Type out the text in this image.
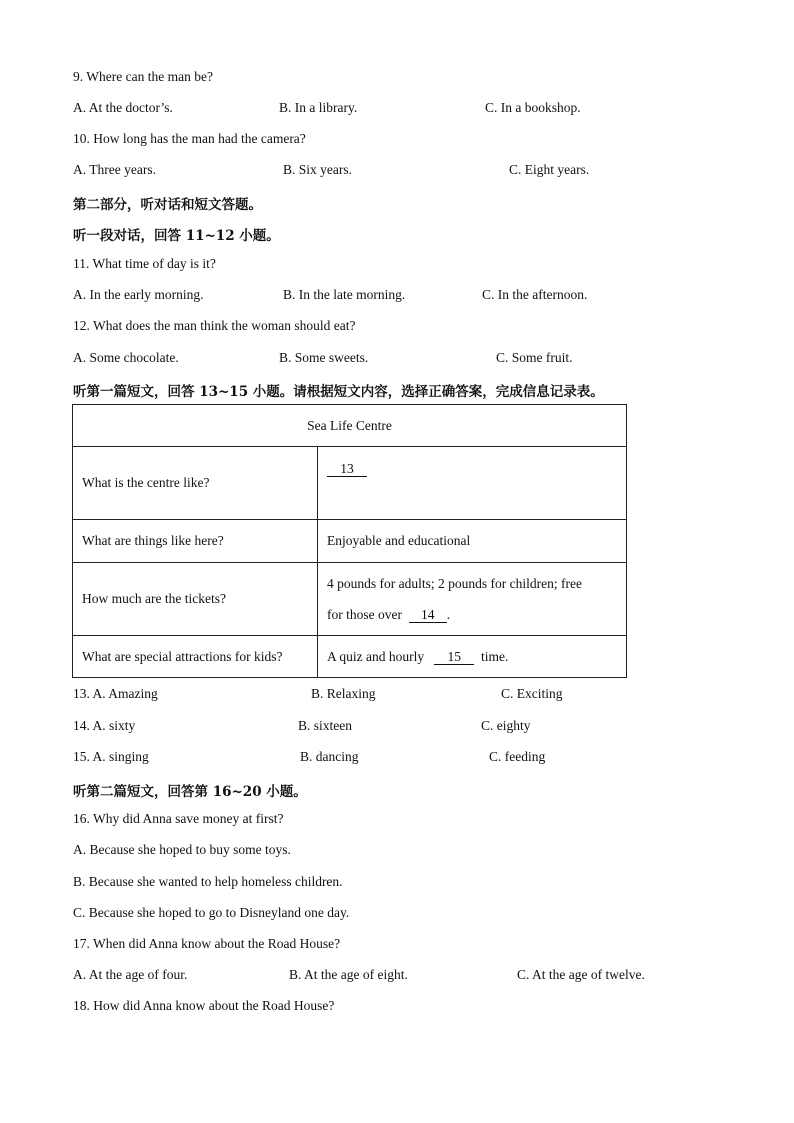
9. Where can the man be?
A. At the doctor’s.	B. In a library.	C. In a bookshop.
10. How long has the man had the camera?
A. Three years.	B. Six years.	C. Eight years.
第二部分，听对话和短文答题。
听一段对话，回答 11~12 小题。
11. What time of day is it?
A. In the early morning.	B. In the late morning.	C. In the afternoon.
12. What does the man think the woman should eat?
A. Some chocolate.	B. Some sweets.	C. Some fruit.
听第一篇短文，回答 13~15 小题。请根据短文内容，选择正确答案，完成信息记录表。
Sea Life Centre	
What is the centre like?	13
What are things like here?	Enjoyable and educational
How much are the tickets?	4 pounds for adults; 2 pounds for children; free
for those over 14 .

What are special attractions for kids?	A quiz and hourly 15 time.
13. A. Amazing	B. Relaxing	C. Exciting
14. A. sixty	B. sixteen	C. eighty
15. A. singing	B. dancing	C. feeding
听第二篇短文，回答第 16~20 小题。
16. Why did Anna save money at first?
A. Because she hoped to buy some toys.
B. Because she wanted to help homeless children.
C. Because she hoped to go to Disneyland one day.
17. When did Anna know about the Road House?
A. At the age of four.	B. At the age of eight.	C. At the age of twelve.
18. How did Anna know about the Road House?
